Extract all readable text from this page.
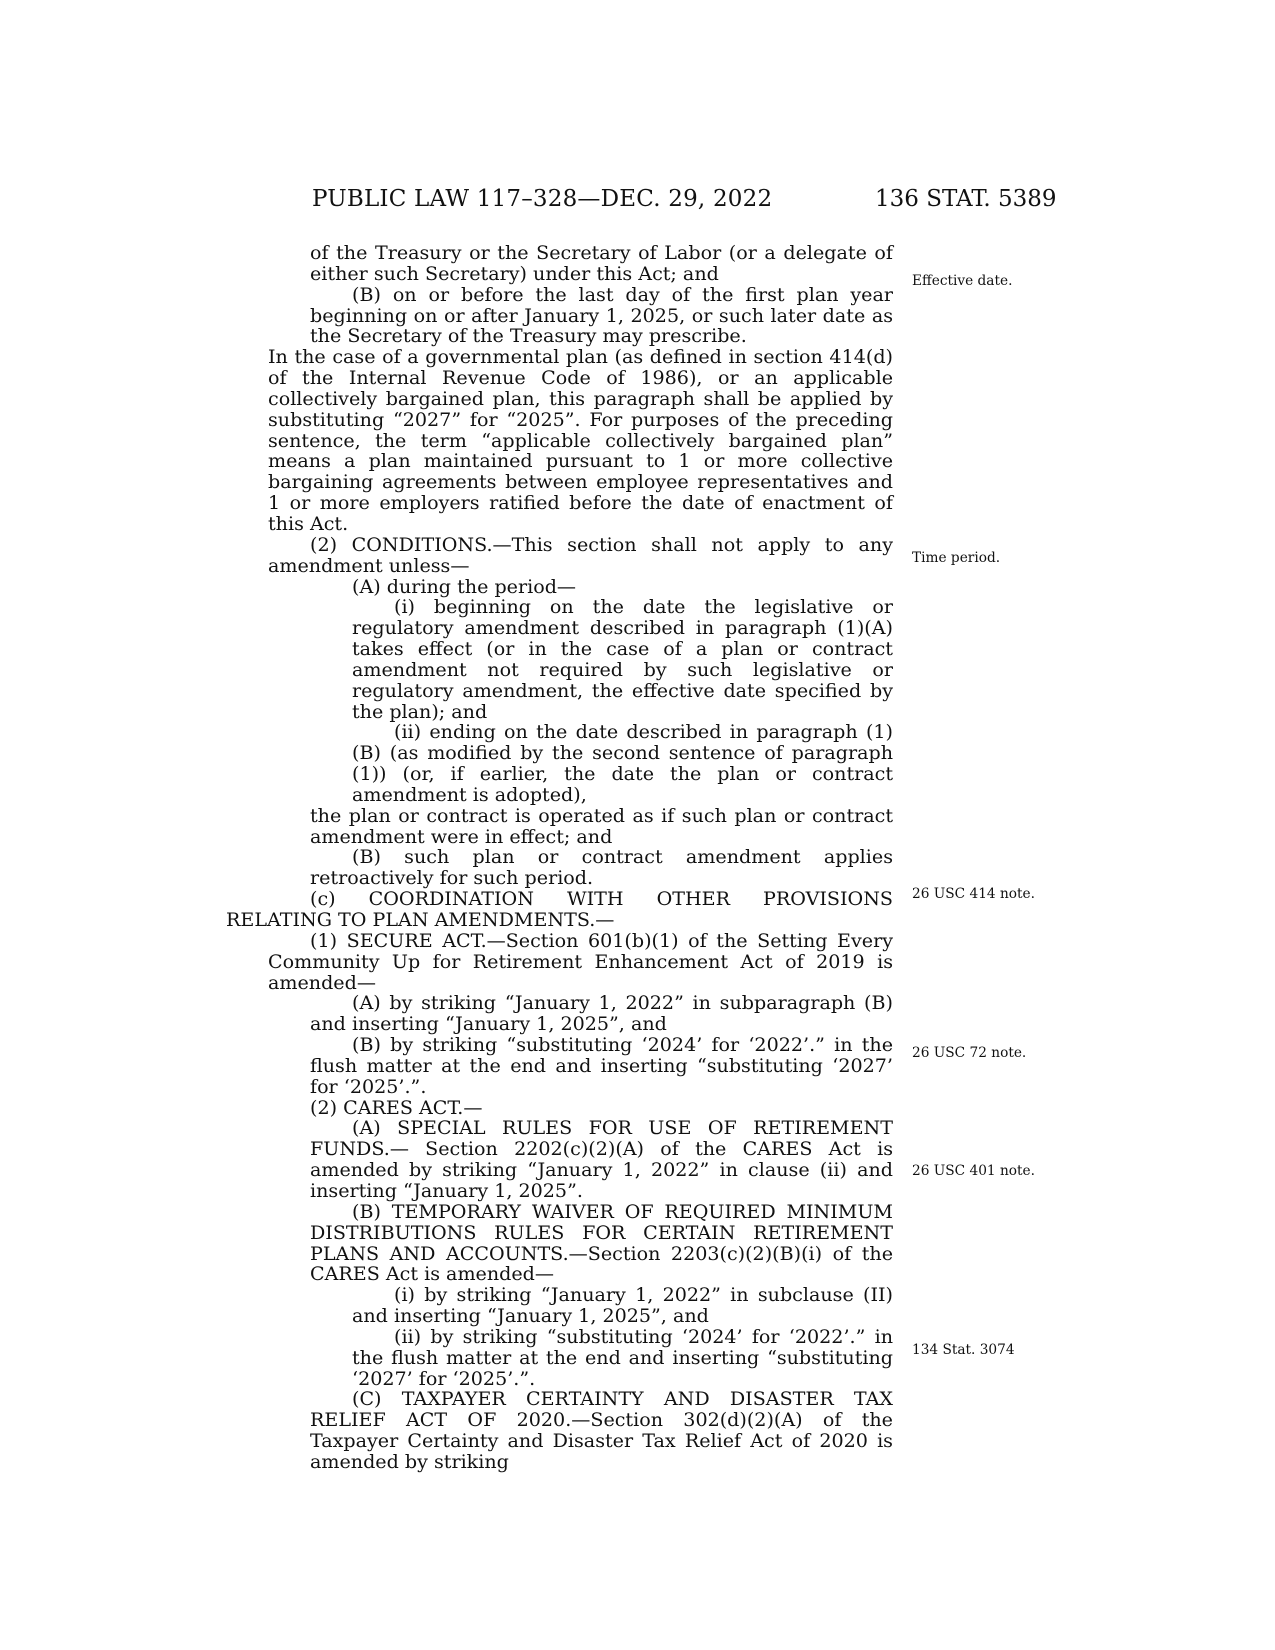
PUBLIC LAW 117–328—DEC. 29, 2022	136 STAT. 5389

of the Treasury or the Secretary of Labor (or a delegate of either such Secretary) under this Act; and

(B) on or before the last day of the first plan year beginning on or after January 1, 2025, or such later date as the Secretary of the Treasury may prescribe.

In the case of a governmental plan (as defined in section 414(d) of the Internal Revenue Code of 1986), or an applicable collectively bargained plan, this paragraph shall be applied by substituting “2027” for “2025”. For purposes of the preceding sentence, the term “applicable collectively bargained plan” means a plan maintained pursuant to 1 or more collective bargaining agreements between employee representatives and 1 or more employers ratified before the date of enactment of this Act.

(2) CONDITIONS.—This section shall not apply to any amendment unless—

(A) during the period—

(i) beginning on the date the legislative or regulatory amendment described in paragraph (1)(A) takes effect (or in the case of a plan or contract amendment not required by such legislative or regulatory amendment, the effective date specified by the plan); and

(ii) ending on the date described in paragraph (1)(B) (as modified by the second sentence of paragraph (1)) (or, if earlier, the date the plan or contract amendment is adopted),

the plan or contract is operated as if such plan or contract amendment were in effect; and

(B) such plan or contract amendment applies retroactively for such period.

(c) COORDINATION WITH OTHER PROVISIONS RELATING TO PLAN AMENDMENTS.—

(1) SECURE ACT.—Section 601(b)(1) of the Setting Every Community Up for Retirement Enhancement Act of 2019 is amended—

(A) by striking “January 1, 2022” in subparagraph (B) and inserting “January 1, 2025”, and

(B) by striking “substituting ‘2024’ for ‘2022’.” in the flush matter at the end and inserting “substituting ‘2027’ for ‘2025’.”.

(2) CARES ACT.—

(A) SPECIAL RULES FOR USE OF RETIREMENT FUNDS.— Section 2202(c)(2)(A) of the CARES Act is amended by striking “January 1, 2022” in clause (ii) and inserting “January 1, 2025”.

(B) TEMPORARY WAIVER OF REQUIRED MINIMUM DISTRIBUTIONS RULES FOR CERTAIN RETIREMENT PLANS AND ACCOUNTS.—Section 2203(c)(2)(B)(i) of the CARES Act is amended—

(i) by striking “January 1, 2022” in subclause (II) and inserting “January 1, 2025”, and

(ii) by striking “substituting ‘2024’ for ‘2022’.” in the flush matter at the end and inserting “substituting ‘2027’ for ‘2025’.”.

(C) TAXPAYER CERTAINTY AND DISASTER TAX RELIEF ACT OF 2020.—Section 302(d)(2)(A) of the Taxpayer Certainty and Disaster Tax Relief Act of 2020 is amended by striking

Effective date.
Time period.
26 USC 414 note.
26 USC 72 note.
26 USC 401 note.
134 Stat. 3074
